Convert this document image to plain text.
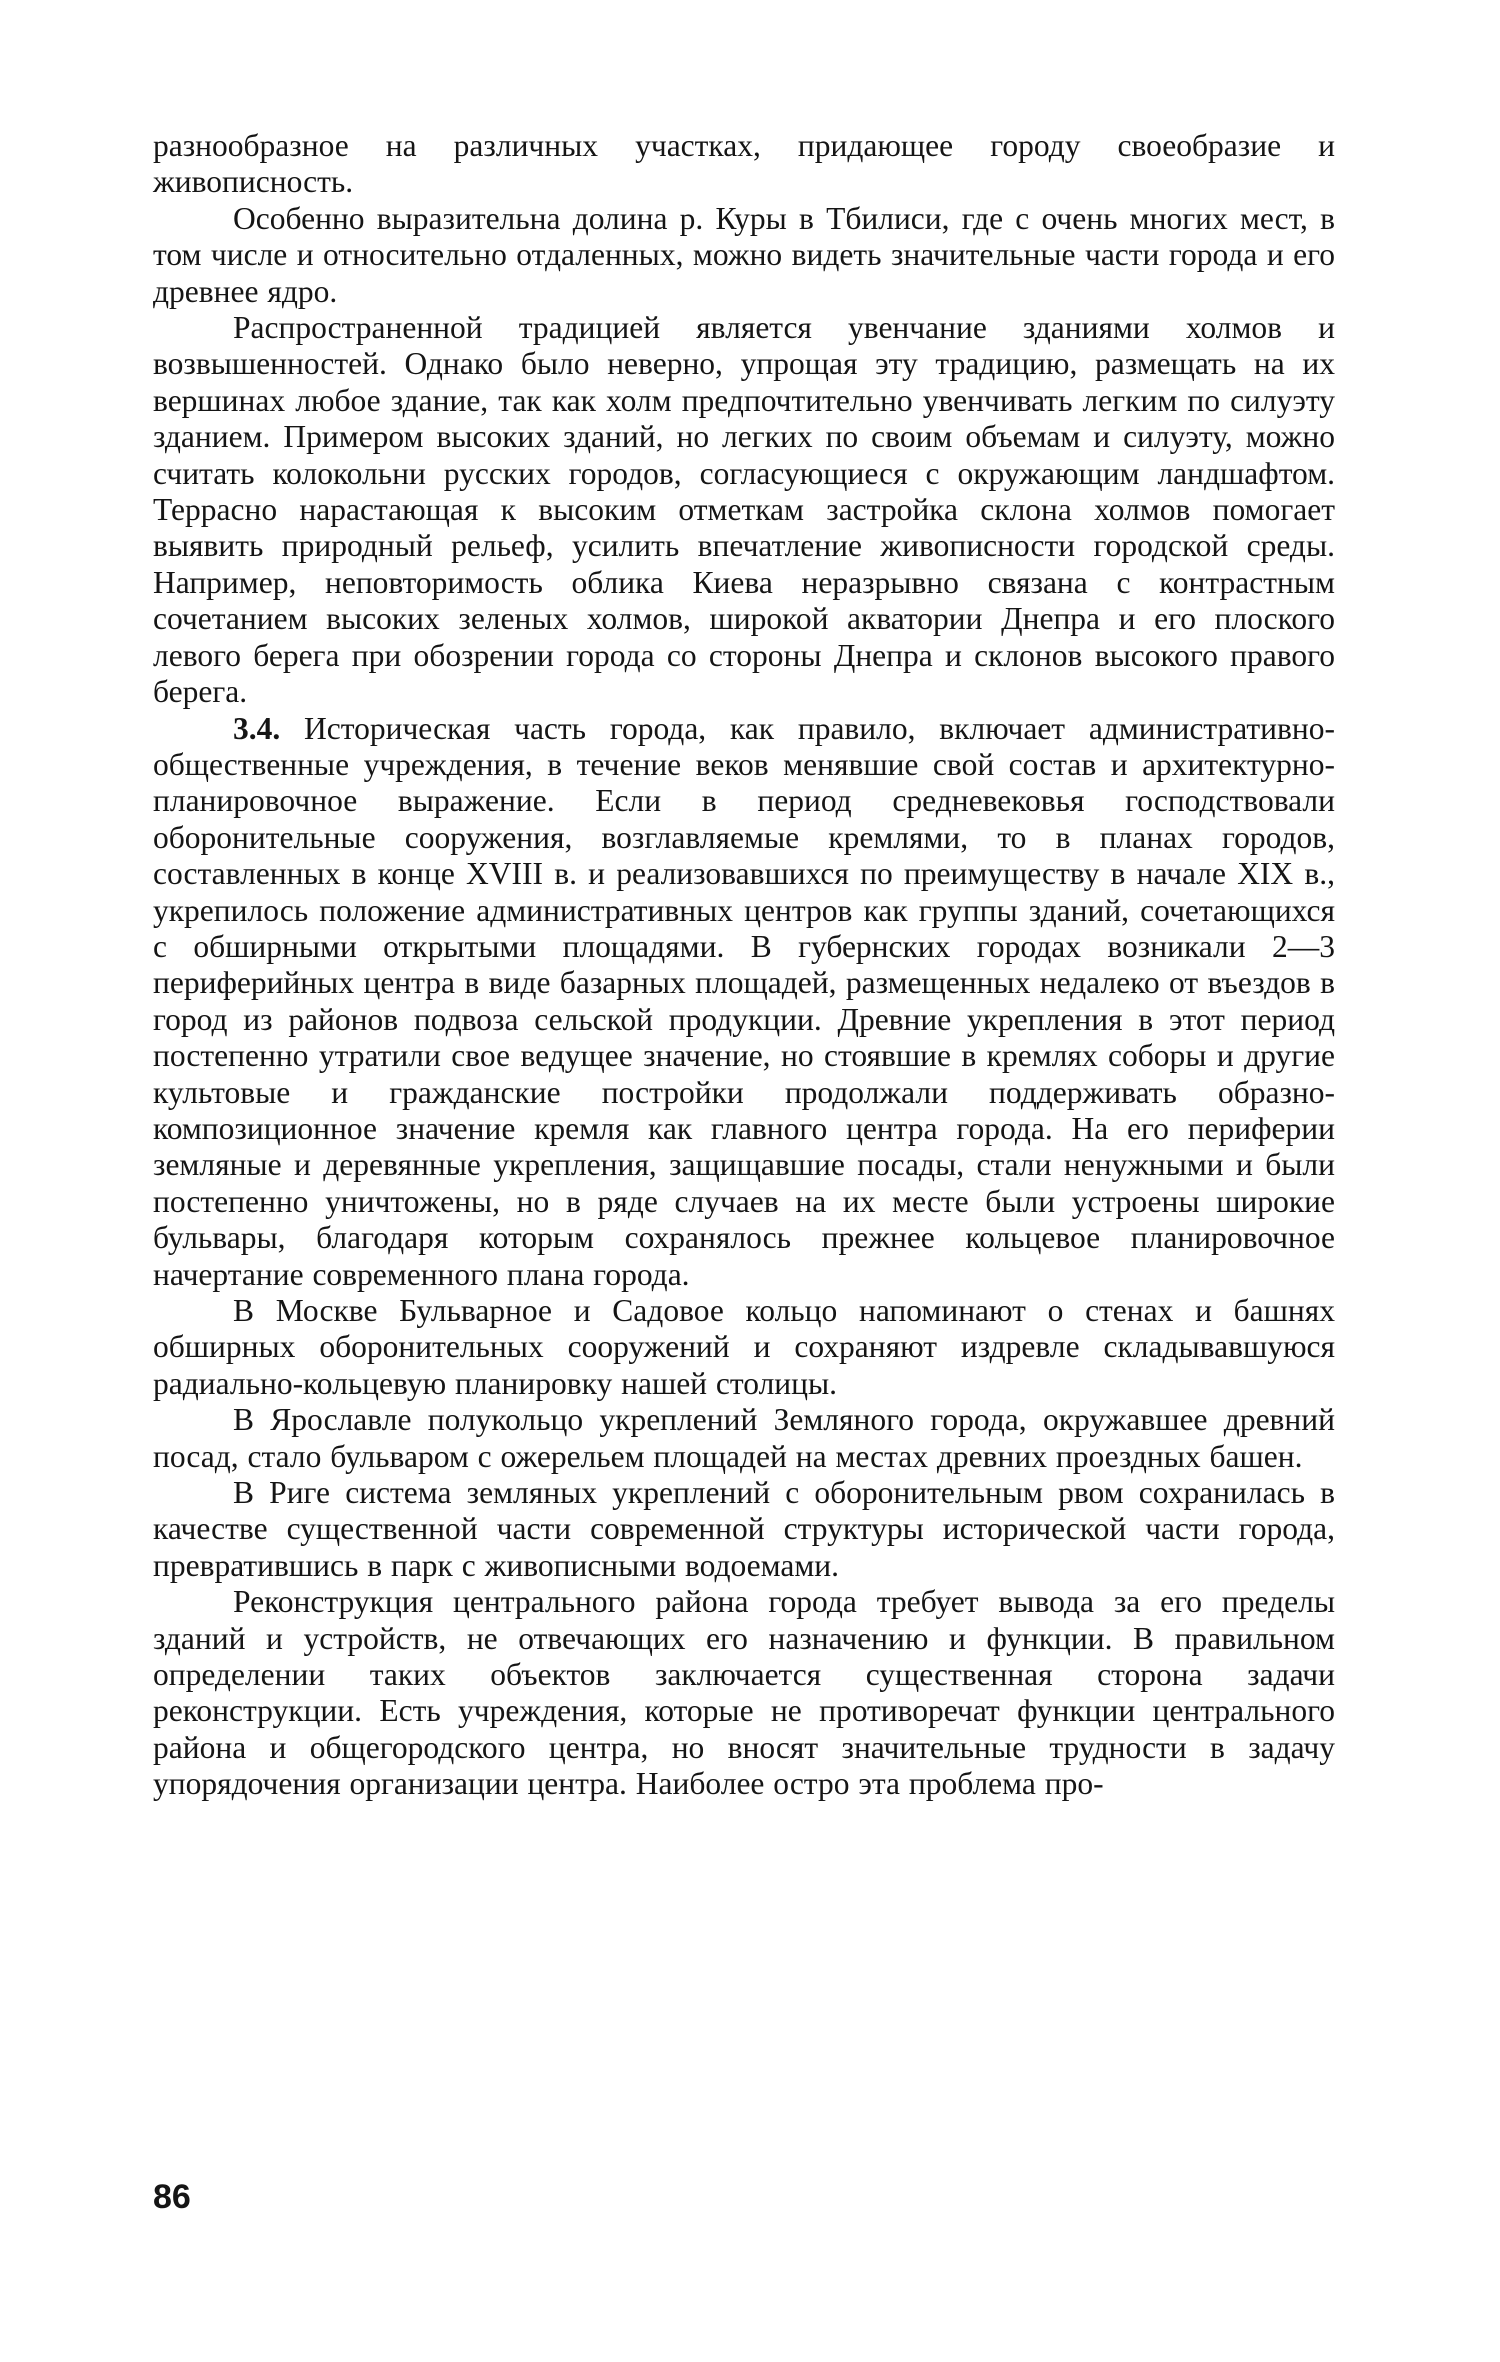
разнообразное на различных участках, придающее городу своеобразие и живописность.

Особенно выразительна долина р. Куры в Тбилиси, где с очень многих мест, в том числе и относительно отдаленных, можно видеть значительные части города и его древнее ядро.

Распространенной традицией является увенчание зданиями холмов и возвышенностей. Однако было неверно, упрощая эту традицию, размещать на их вершинах любое здание, так как холм предпочтительно увенчивать легким по силуэту зданием. Примером высоких зданий, но легких по своим объемам и силуэту, можно считать колокольни русских городов, согласующиеся с окружающим ландшафтом. Террасно нарастающая к высоким отметкам застройка склона холмов помогает выявить природный рельеф, усилить впечатление живописности городской среды. Например, неповторимость облика Киева неразрывно связана с контрастным сочетанием высоких зеленых холмов, широкой акватории Днепра и его плоского левого берега при обозрении города со стороны Днепра и склонов высокого правого берега.

3.4. Историческая часть города, как правило, включает административно-общественные учреждения, в течение веков менявшие свой состав и архитектурно-планировочное выражение. Если в период средневековья господствовали оборонительные сооружения, возглавляемые кремлями, то в планах городов, составленных в конце XVIII в. и реализовавшихся по преимуществу в начале XIX в., укрепилось положение административных центров как группы зданий, сочетающихся с обширными открытыми площадями. В губернских городах возникали 2—3 периферийных центра в виде базарных площадей, размещенных недалеко от въездов в город из районов подвоза сельской продукции. Древние укрепления в этот период постепенно утратили свое ведущее значение, но стоявшие в кремлях соборы и другие культовые и гражданские постройки продолжали поддерживать образно-композиционное значение кремля как главного центра города. На его периферии земляные и деревянные укрепления, защищавшие посады, стали ненужными и были постепенно уничтожены, но в ряде случаев на их месте были устроены широкие бульвары, благодаря которым сохранялось прежнее кольцевое планировочное начертание современного плана города.

В Москве Бульварное и Садовое кольцо напоминают о стенах и башнях обширных оборонительных сооружений и сохраняют издревле складывавшуюся радиально-кольцевую планировку нашей столицы.

В Ярославле полукольцо укреплений Земляного города, окружавшее древний посад, стало бульваром с ожерельем площадей на местах древних проездных башен.

В Риге система земляных укреплений с оборонительным рвом сохранилась в качестве существенной части современной структуры исторической части города, превратившись в парк с живописными водоемами.

Реконструкция центрального района города требует вывода за его пределы зданий и устройств, не отвечающих его назначению и функции. В правильном определении таких объектов заключается существенная сторона задачи реконструкции. Есть учреждения, которые не противоречат функции центрального района и общегородского центра, но вносят значительные трудности в задачу упорядочения организации центра. Наиболее остро эта проблема про-

86
